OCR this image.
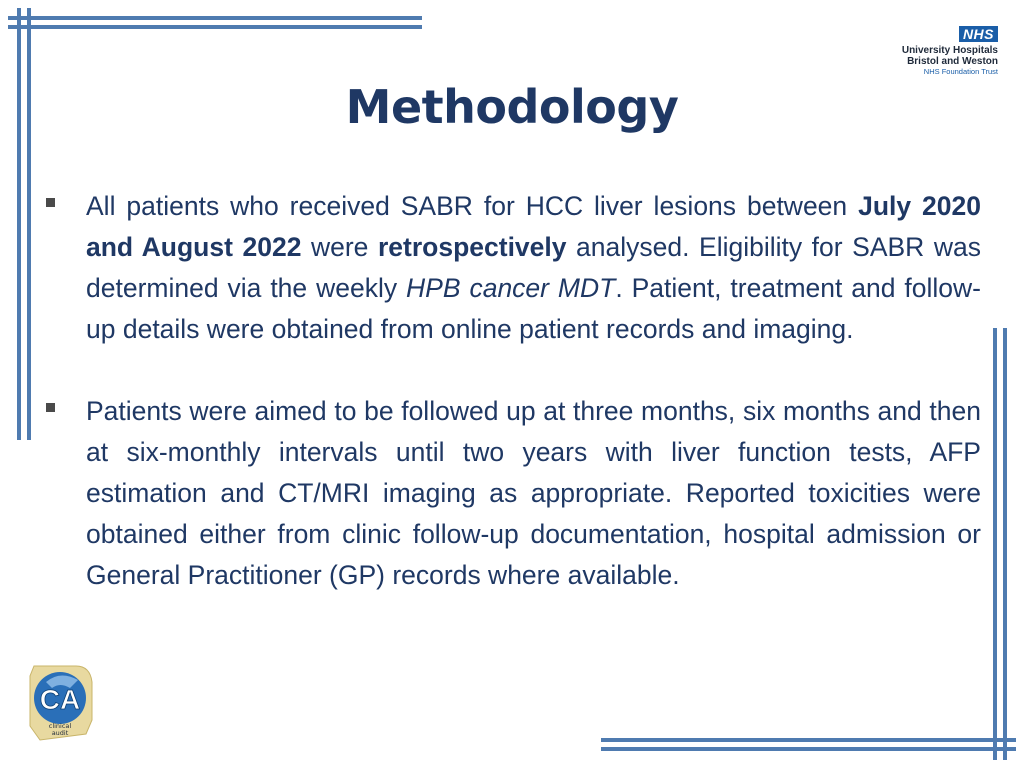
NHS
University Hospitals
Bristol and Weston
NHS Foundation Trust
Methodology
All patients who received SABR for HCC liver lesions between July 2020 and August 2022 were retrospectively analysed. Eligibility for SABR was determined via the weekly HPB cancer MDT. Patient, treatment and follow-up details were obtained from online patient records and imaging.
Patients were aimed to be followed up at three months, six months and then at six-monthly intervals until two years with liver function tests, AFP estimation and CT/MRI imaging as appropriate. Reported toxicities were obtained either from clinic follow-up documentation, hospital admission or General Practitioner (GP) records where available.
CA
clinical
audit
